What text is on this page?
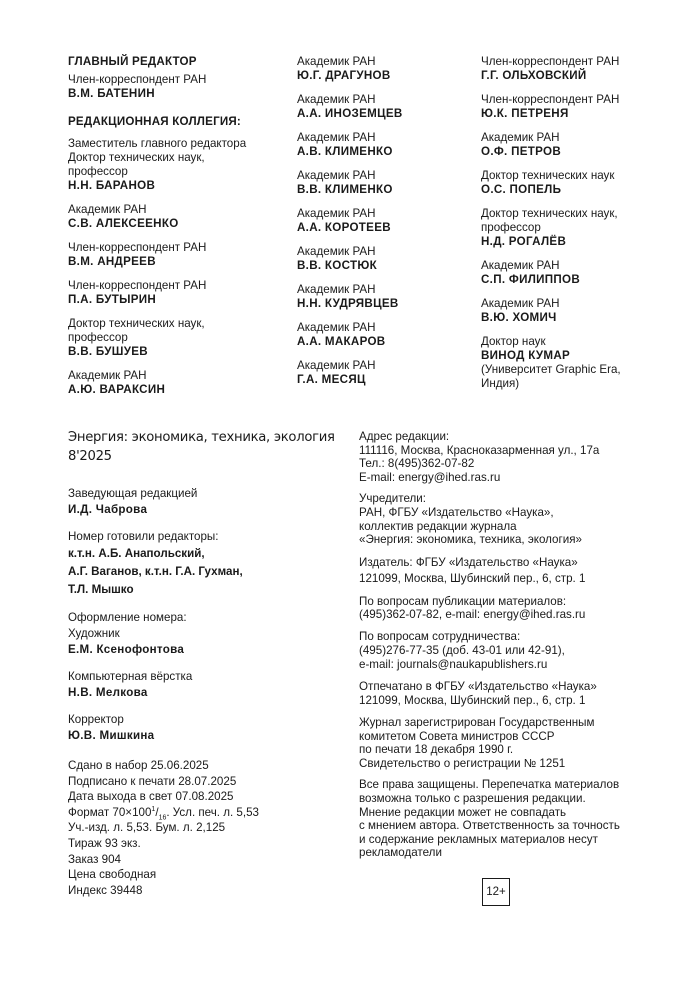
ГЛАВНЫЙ РЕДАКТОР
Член-корреспондент РАН
В.М. БАТЕНИН
РЕДАКЦИОННАЯ КОЛЛЕГИЯ:
Заместитель главного редактора
Доктор технических наук,
профессор
Н.Н. БАРАНОВ
Академик РАН
С.В. АЛЕКСЕЕНКО
Член-корреспондент РАН
В.М. АНДРЕЕВ
Член-корреспондент РАН
П.А. БУТЫРИН
Доктор технических наук,
профессор
В.В. БУШУЕВ
Академик РАН
А.Ю. ВАРАКСИН
Академик РАН
Ю.Г. ДРАГУНОВ
Академик РАН
А.А. ИНОЗЕМЦЕВ
Академик РАН
А.В. КЛИМЕНКО
Академик РАН
В.В. КЛИМЕНКО
Академик РАН
А.А. КОРОТЕЕВ
Академик РАН
В.В. КОСТЮК
Академик РАН
Н.Н. КУДРЯВЦЕВ
Академик РАН
А.А. МАКАРОВ
Академик РАН
Г.А. МЕСЯЦ
Член-корреспондент РАН
Г.Г. ОЛЬХОВСКИЙ
Член-корреспондент РАН
Ю.К. ПЕТРЕНЯ
Академик РАН
О.Ф. ПЕТРОВ
Доктор технических наук
О.С. ПОПЕЛЬ
Доктор технических наук,
профессор
Н.Д. РОГАЛЁВ
Академик РАН
С.П. ФИЛИППОВ
Академик РАН
В.Ю. ХОМИЧ
Доктор наук
ВИНОД КУМАР
(Университет Graphic Era,
Индия)
Энергия: экономика, техника, экология
8'2025
Заведующая редакцией
И.Д. Чаброва
Номер готовили редакторы:
к.т.н. А.Б. Анапольский,
А.Г. Ваганов, к.т.н. Г.А. Гухман,
Т.Л. Мышко
Оформление номера:
Художник
Е.М. Ксенофонтова
Компьютерная вёрстка
Н.В. Мелкова
Корректор
Ю.В. Мишкина
Сдано в набор 25.06.2025
Подписано к печати 28.07.2025
Дата выхода в свет 07.08.2025
Формат $70\times 100^1/_{16}$. Усл. печ. л. 5,53
Уч.-изд. л. 5,53. Бум. л. 2,125
Тираж 93 экз.
Заказ 904
Цена свободная
Индекс 39448
Адрес редакции:
111116, Москва, Красноказарменная ул., 17а
Тел.: 8(495)362-07-82
E-mail: energy@ihed.ras.ru
Учредители:
РАН, ФГБУ «Издательство «Наука»,
коллектив редакции журнала
«Энергия: экономика, техника, экология»
Издатель: ФГБУ «Издательство «Наука»
121099, Москва, Шубинский пер., 6, стр. 1
По вопросам публикации материалов:
(495)362-07-82, e-mail: energy@ihed.ras.ru
По вопросам сотрудничества:
(495)276-77-35 (доб. 43-01 или 42-91),
e-mail: journals@naukapublishers.ru
Отпечатано в ФГБУ «Издательство «Наука»
121099, Москва, Шубинский пер., 6, стр. 1
Журнал зарегистрирован Государственным
комитетом Совета министров СССР
по печати 18 декабря 1990 г.
Свидетельство о регистрации № 1251
Все права защищены. Перепечатка материалов
возможна только с разрешения редакции.
Мнение редакции может не совпадать
с мнением автора. Ответственность за точность
и содержание рекламных материалов несут
рекламодатели
12+
